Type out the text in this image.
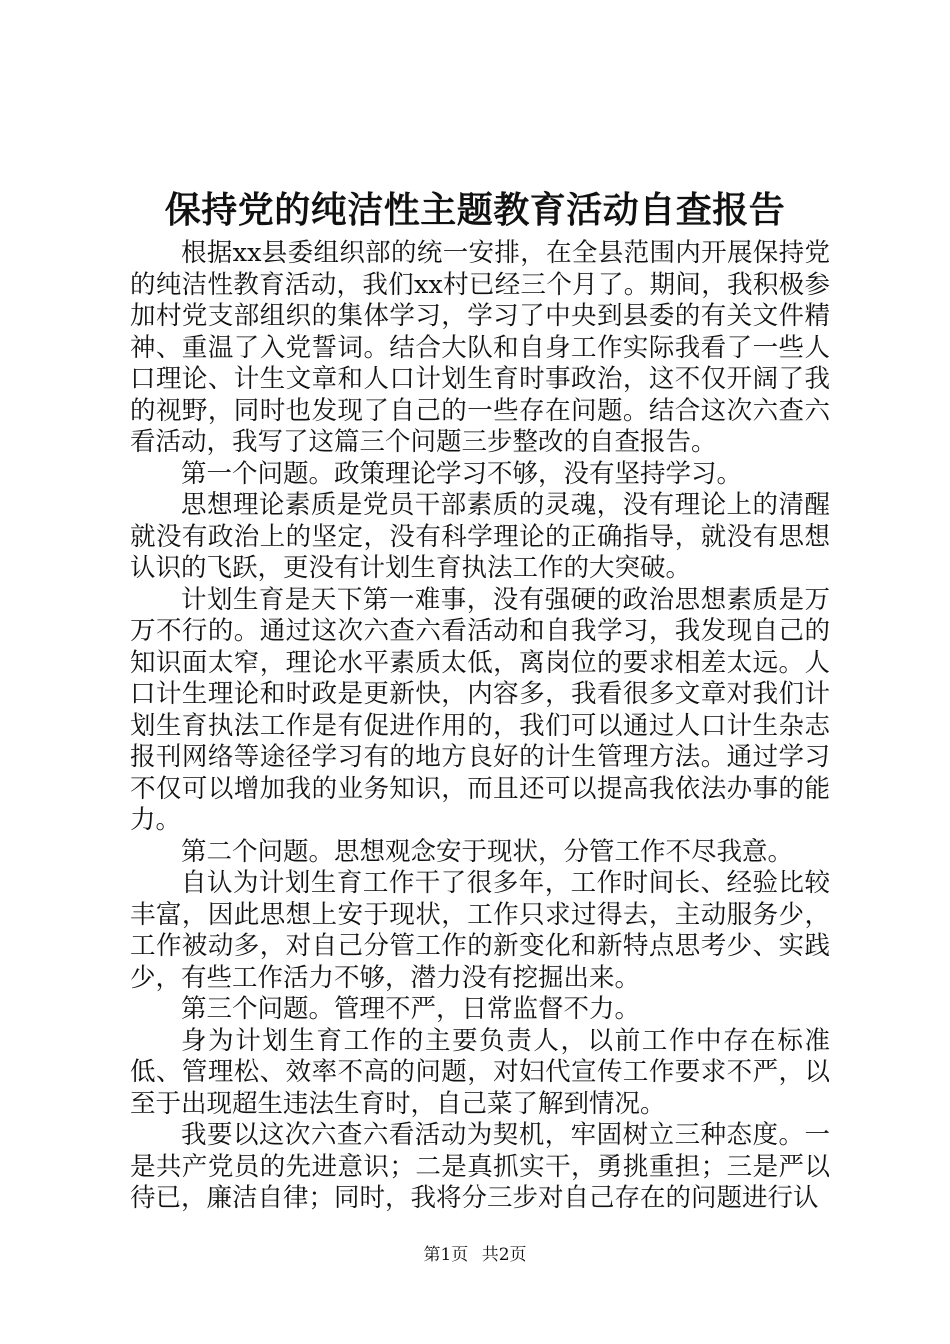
保持党的纯洁性主题教育活动自查报告

根据xx县委组织部的统一安排，在全县范围内开展保持党的纯洁性教育活动，我们xx村已经三个月了。期间，我积极参加村党支部组织的集体学习，学习了中央到县委的有关文件精神、重温了入党誓词。结合大队和自身工作实际我看了一些人口理论、计生文章和人口计划生育时事政治，这不仅开阔了我的视野，同时也发现了自己的一些存在问题。结合这次六查六看活动，我写了这篇三个问题三步整改的自查报告。

第一个问题。政策理论学习不够，没有坚持学习。

思想理论素质是党员干部素质的灵魂，没有理论上的清醒就没有政治上的坚定，没有科学理论的正确指导，就没有思想认识的飞跃，更没有计划生育执法工作的大突破。

计划生育是天下第一难事，没有强硬的政治思想素质是万万不行的。通过这次六查六看活动和自我学习，我发现自己的知识面太窄，理论水平素质太低，离岗位的要求相差太远。人口计生理论和时政是更新快，内容多，我看很多文章对我们计划生育执法工作是有促进作用的，我们可以通过人口计生杂志报刊网络等途径学习有的地方良好的计生管理方法。通过学习不仅可以增加我的业务知识，而且还可以提高我依法办事的能力。

第二个问题。思想观念安于现状，分管工作不尽我意。

自认为计划生育工作干了很多年，工作时间长、经验比较丰富，因此思想上安于现状，工作只求过得去，主动服务少，工作被动多，对自己分管工作的新变化和新特点思考少、实践少，有些工作活力不够，潜力没有挖掘出来。

第三个问题。管理不严，日常监督不力。

身为计划生育工作的主要负责人，以前工作中存在标准低、管理松、效率不高的问题，对妇代宣传工作要求不严，以至于出现超生违法生育时，自己菜了解到情况。

我要以这次六查六看活动为契机，牢固树立三种态度。一是共产党员的先进意识；二是真抓实干，勇挑重担；三是严以待已，廉洁自律；同时，我将分三步对自己存在的问题进行认

第1页 共2页
